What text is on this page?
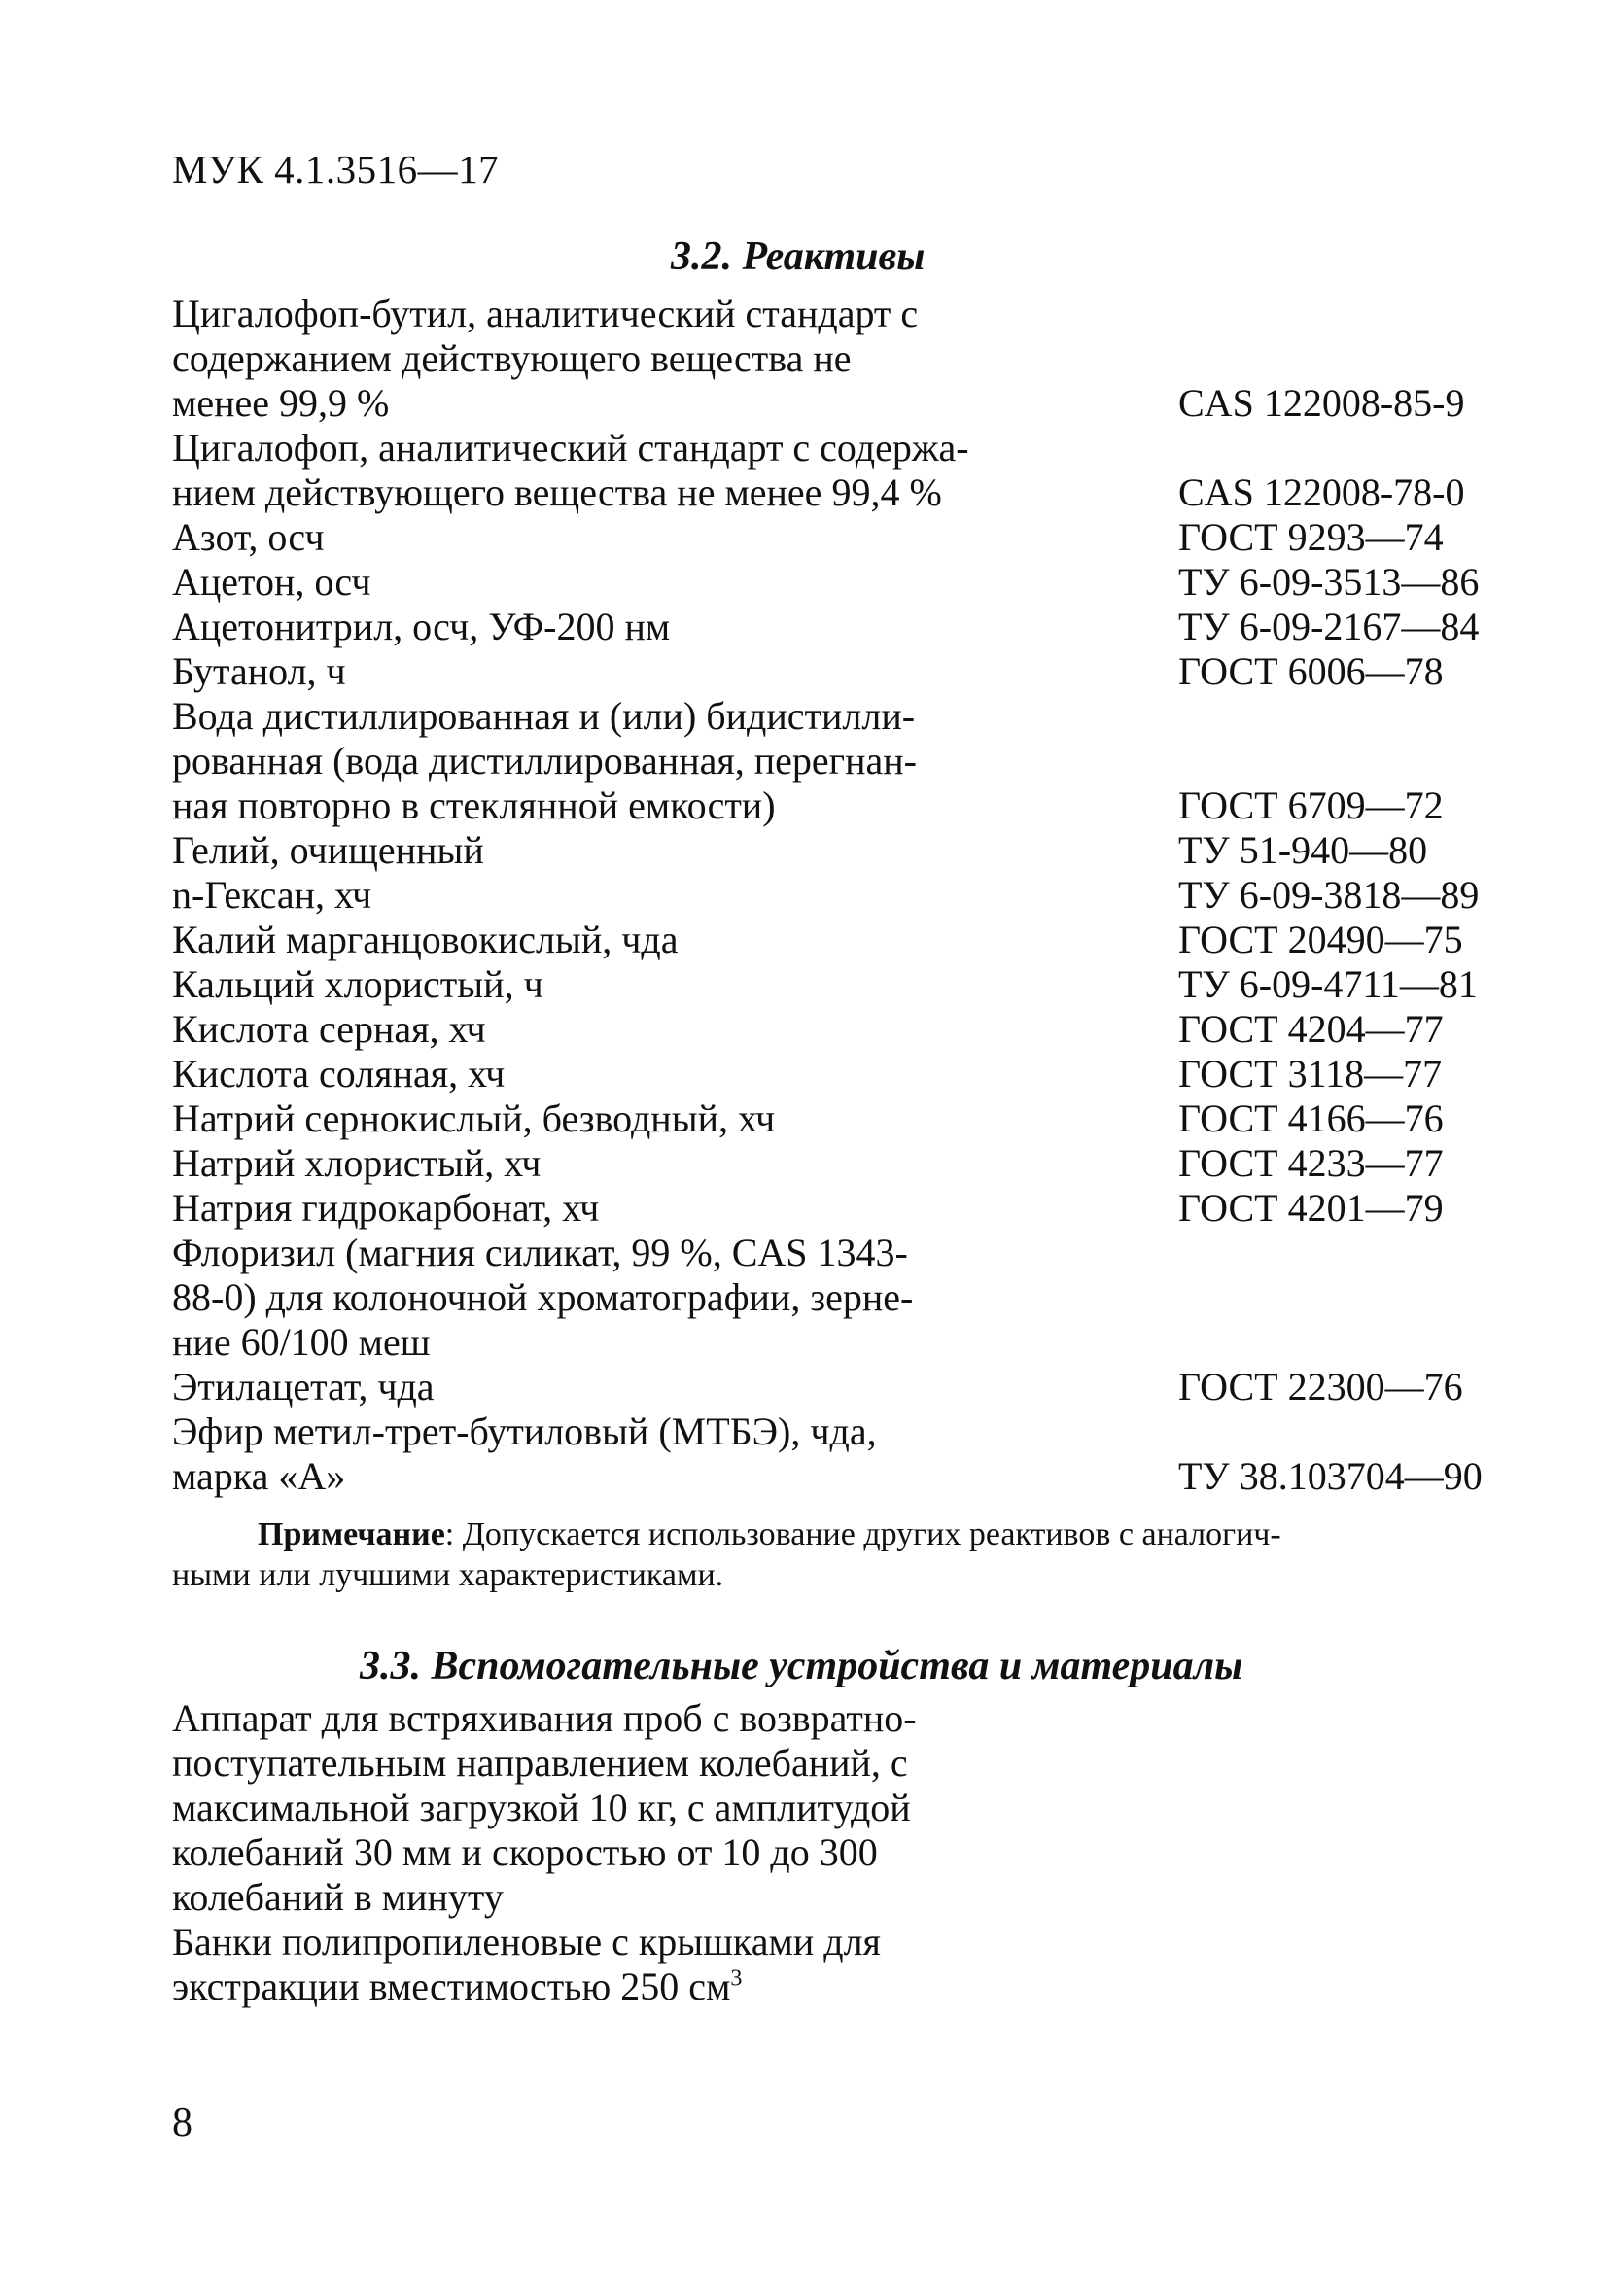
МУК 4.1.3516—17

3.2. Реактивы
Цигалофоп-бутил, аналитический стандарт с
содержанием действующего вещества не
менее 99,9 %	CAS 122008-85-9
Цигалофоп, аналитический стандарт с содержа-
нием действующего вещества не менее 99,4 %	CAS 122008-78-0
Азот, осч	ГОСТ 9293—74
Ацетон, осч	ТУ 6-09-3513—86
Ацетонитрил, осч, УФ-200 нм	ТУ 6-09-2167—84
Бутанол, ч	ГОСТ 6006—78
Вода дистиллированная и (или) бидистилли-
рованная (вода дистиллированная, перегнан-
ная повторно в стеклянной емкости)	ГОСТ 6709—72
Гелий, очищенный	ТУ 51-940—80
n-Гексан, хч	ТУ 6-09-3818—89
Калий марганцовокислый, чда	ГОСТ 20490—75
Кальций хлористый, ч	ТУ 6-09-4711—81
Кислота серная, хч	ГОСТ 4204—77
Кислота соляная, хч	ГОСТ 3118—77
Натрий сернокислый, безводный, хч	ГОСТ 4166—76
Натрий хлористый, хч	ГОСТ 4233—77
Натрия гидрокарбонат, хч	ГОСТ 4201—79
Флоризил (магния силикат, 99 %, CAS 1343-
88-0) для колоночной хроматографии, зерне-
ние 60/100 меш
Этилацетат, чда	ГОСТ 22300—76
Эфир метил-трет-бутиловый (МТБЭ), чда,
марка «А»	ТУ 38.103704—90

Примечание: Допускается использование других реактивов с аналогич-
ными или лучшими характеристиками.

3.3. Вспомогательные устройства и материалы
Аппарат для встряхивания проб с возвратно-
поступательным направлением колебаний, с
максимальной загрузкой 10 кг, с амплитудой
колебаний 30 мм и скоростью от 10 до 300
колебаний в минуту
Банки полипропиленовые с крышками для
экстракции вместимостью 250 $см^3$

8
